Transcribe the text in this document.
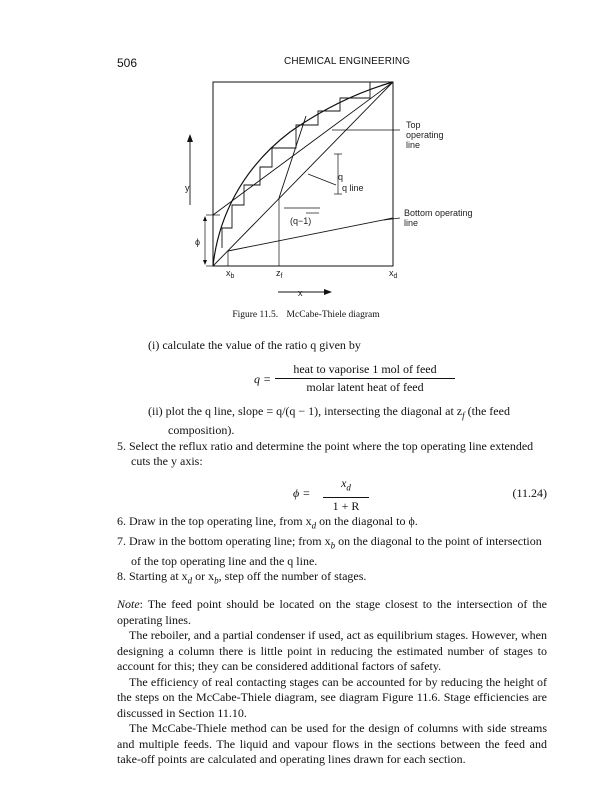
506	CHEMICAL ENGINEERING
Top
operating
line
q
q line
(q−1)
Bottom operating
line
y
ϕ
$x_b$	$z_f$	$x_d$
x
Figure 11.5. McCabe-Thiele diagram

(i) calculate the value of the ratio q given by

q =
heat to vaporise 1 mol of feed
molar latent heat of feed

(ii) plot the q line, slope = q/(q − 1), intersecting the diagonal at $z_f$ (the feed

composition).

5. Select the reflux ratio and determine the point where the top operating line extended

cuts the y axis:

$\phi = \frac{x_d}{1 + R}$	(11.24)

6. Draw in the top operating line, from $x_d$ on the diagonal to ϕ.

7. Draw in the bottom operating line; from $x_b$ on the diagonal to the point of intersection

of the top operating line and the q line.

8. Starting at $x_d$ or $x_b$, step off the number of stages.

Note: The feed point should be located on the stage closest to the intersection of the operating lines.

The reboiler, and a partial condenser if used, act as equilibrium stages. However, when designing a column there is little point in reducing the estimated number of stages to account for this; they can be considered additional factors of safety.

The efficiency of real contacting stages can be accounted for by reducing the height of the steps on the McCabe-Thiele diagram, see diagram Figure 11.6. Stage efficiencies are discussed in Section 11.10.

The McCabe-Thiele method can be used for the design of columns with side streams and multiple feeds. The liquid and vapour flows in the sections between the feed and take-off points are calculated and operating lines drawn for each section.
